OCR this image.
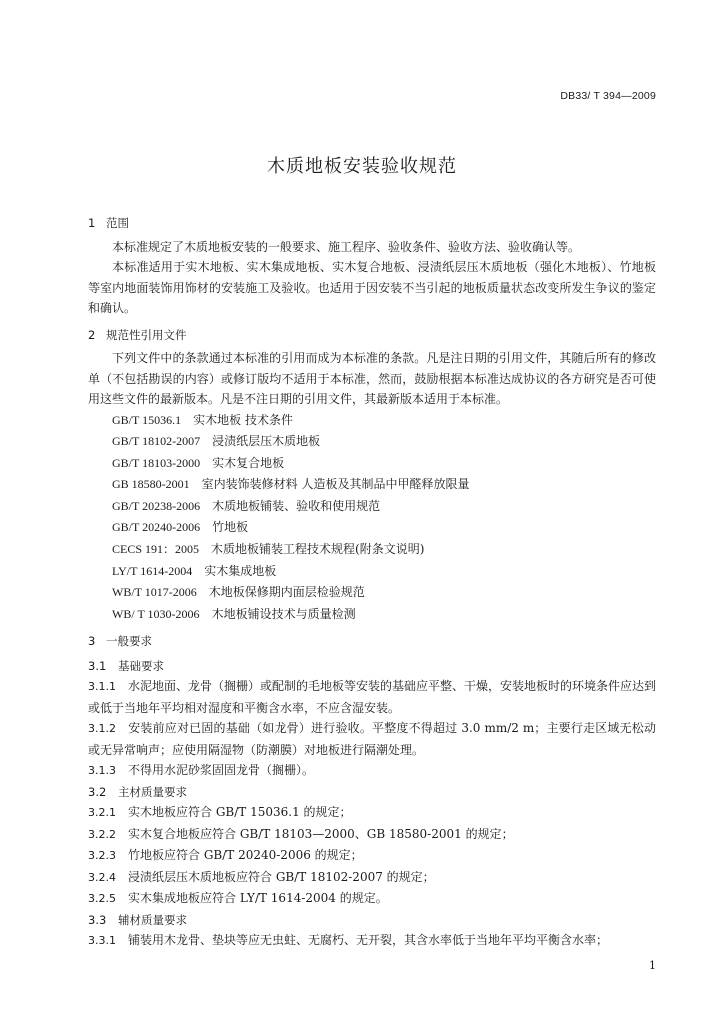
DB33/ T 394—2009
木质地板安装验收规范
1 范围
本标准规定了木质地板安装的一般要求、施工程序、验收条件、验收方法、验收确认等。
本标准适用于实木地板、实木集成地板、实木复合地板、浸渍纸层压木质地板（强化木地板）、竹地板等室内地面装饰用饰材的安装施工及验收。也适用于因安装不当引起的地板质量状态改变所发生争议的鉴定和确认。
2 规范性引用文件
下列文件中的条款通过本标准的引用而成为本标准的条款。凡是注日期的引用文件，其随后所有的修改单（不包括勘误的内容）或修订版均不适用于本标准，然而，鼓励根据本标准达成协议的各方研究是否可使用这些文件的最新版本。凡是不注日期的引用文件，其最新版本适用于本标准。
GB/T 15036.1 实木地板 技术条件
GB/T 18102-2007 浸渍纸层压木质地板
GB/T 18103-2000 实木复合地板
GB 18580-2001 室内装饰装修材料 人造板及其制品中甲醛释放限量
GB/T 20238-2006 木质地板铺装、验收和使用规范
GB/T 20240-2006 竹地板
CECS 191：2005 木质地板铺装工程技术规程(附条文说明)
LY/T 1614-2004 实木集成地板
WB/T 1017-2006 木地板保修期内面层检验规范
WB/ T 1030-2006 木地板铺设技术与质量检测
3 一般要求
3.1 基础要求
3.1.1 水泥地面、龙骨（搁栅）或配制的毛地板等安装的基础应平整、干燥，安装地板时的环境条件应达到或低于当地年平均相对湿度和平衡含水率，不应含湿安装。
3.1.2 安装前应对已固的基础（如龙骨）进行验收。平整度不得超过 3.0 mm/2 m；主要行走区域无松动或无异常响声；应使用隔湿物（防潮膜）对地板进行隔潮处理。
3.1.3 不得用水泥砂浆固固龙骨（搁栅）。
3.2 主材质量要求
3.2.1 实木地板应符合 GB/T 15036.1 的规定；
3.2.2 实木复合地板应符合 GB/T 18103—2000、GB 18580-2001 的规定；
3.2.3 竹地板应符合 GB/T 20240-2006 的规定；
3.2.4 浸渍纸层压木质地板应符合 GB/T 18102-2007 的规定；
3.2.5 实木集成地板应符合 LY/T 1614-2004 的规定。
3.3 辅材质量要求
3.3.1 铺装用木龙骨、垫块等应无虫蛀、无腐朽、无开裂，其含水率低于当地年平均平衡含水率；
1
